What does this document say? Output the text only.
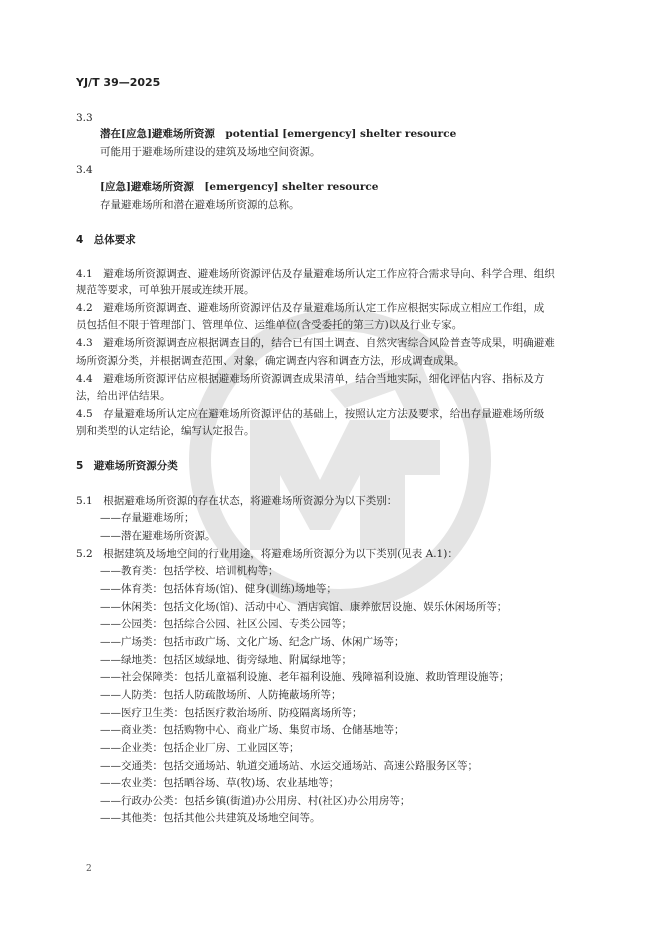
YJ/T 39—2025
3.3
潜在[应急]避难场所资源　potential [emergency] shelter resource
可能用于避难场所建设的建筑及场地空间资源。
3.4
[应急]避难场所资源　[emergency] shelter resource
存量避难场所和潜在避难场所资源的总称。
4　总体要求
4.1　避难场所资源调查、避难场所资源评估及存量避难场所认定工作应符合需求导向、科学合理、组织
规范等要求，可单独开展或连续开展。
4.2　避难场所资源调查、避难场所资源评估及存量避难场所认定工作应根据实际成立相应工作组，成
员包括但不限于管理部门、管理单位、运维单位(含受委托的第三方)以及行业专家。
4.3　避难场所资源调查应根据调查目的，结合已有国土调查、自然灾害综合风险普查等成果，明确避难
场所资源分类，并根据调查范围、对象，确定调查内容和调查方法，形成调查成果。
4.4　避难场所资源评估应根据避难场所资源调查成果清单，结合当地实际，细化评估内容、指标及方
法，给出评估结果。
4.5　存量避难场所认定应在避难场所资源评估的基础上，按照认定方法及要求，给出存量避难场所级
别和类型的认定结论，编写认定报告。
5　避难场所资源分类
5.1　根据避难场所资源的存在状态，将避难场所资源分为以下类别：
——存量避难场所；
——潜在避难场所资源。
5.2　根据建筑及场地空间的行业用途，将避难场所资源分为以下类别(见表 A.1)：
——教育类：包括学校、培训机构等；
——体育类：包括体育场(馆)、健身(训练)场地等；
——休闲类：包括文化场(馆)、活动中心、酒店宾馆、康养旅居设施、娱乐休闲场所等；
——公园类：包括综合公园、社区公园、专类公园等；
——广场类：包括市政广场、文化广场、纪念广场、休闲广场等；
——绿地类：包括区域绿地、街旁绿地、附属绿地等；
——社会保障类：包括儿童福利设施、老年福利设施、残障福利设施、救助管理设施等；
——人防类：包括人防疏散场所、人防掩蔽场所等；
——医疗卫生类：包括医疗救治场所、防疫隔离场所等；
——商业类：包括购物中心、商业广场、集贸市场、仓储基地等；
——企业类：包括企业厂房、工业园区等；
——交通类：包括交通场站、轨道交通场站、水运交通场站、高速公路服务区等；
——农业类：包括晒谷场、草(牧)场、农业基地等；
——行政办公类：包括乡镇(街道)办公用房、村(社区)办公用房等；
——其他类：包括其他公共建筑及场地空间等。
2
